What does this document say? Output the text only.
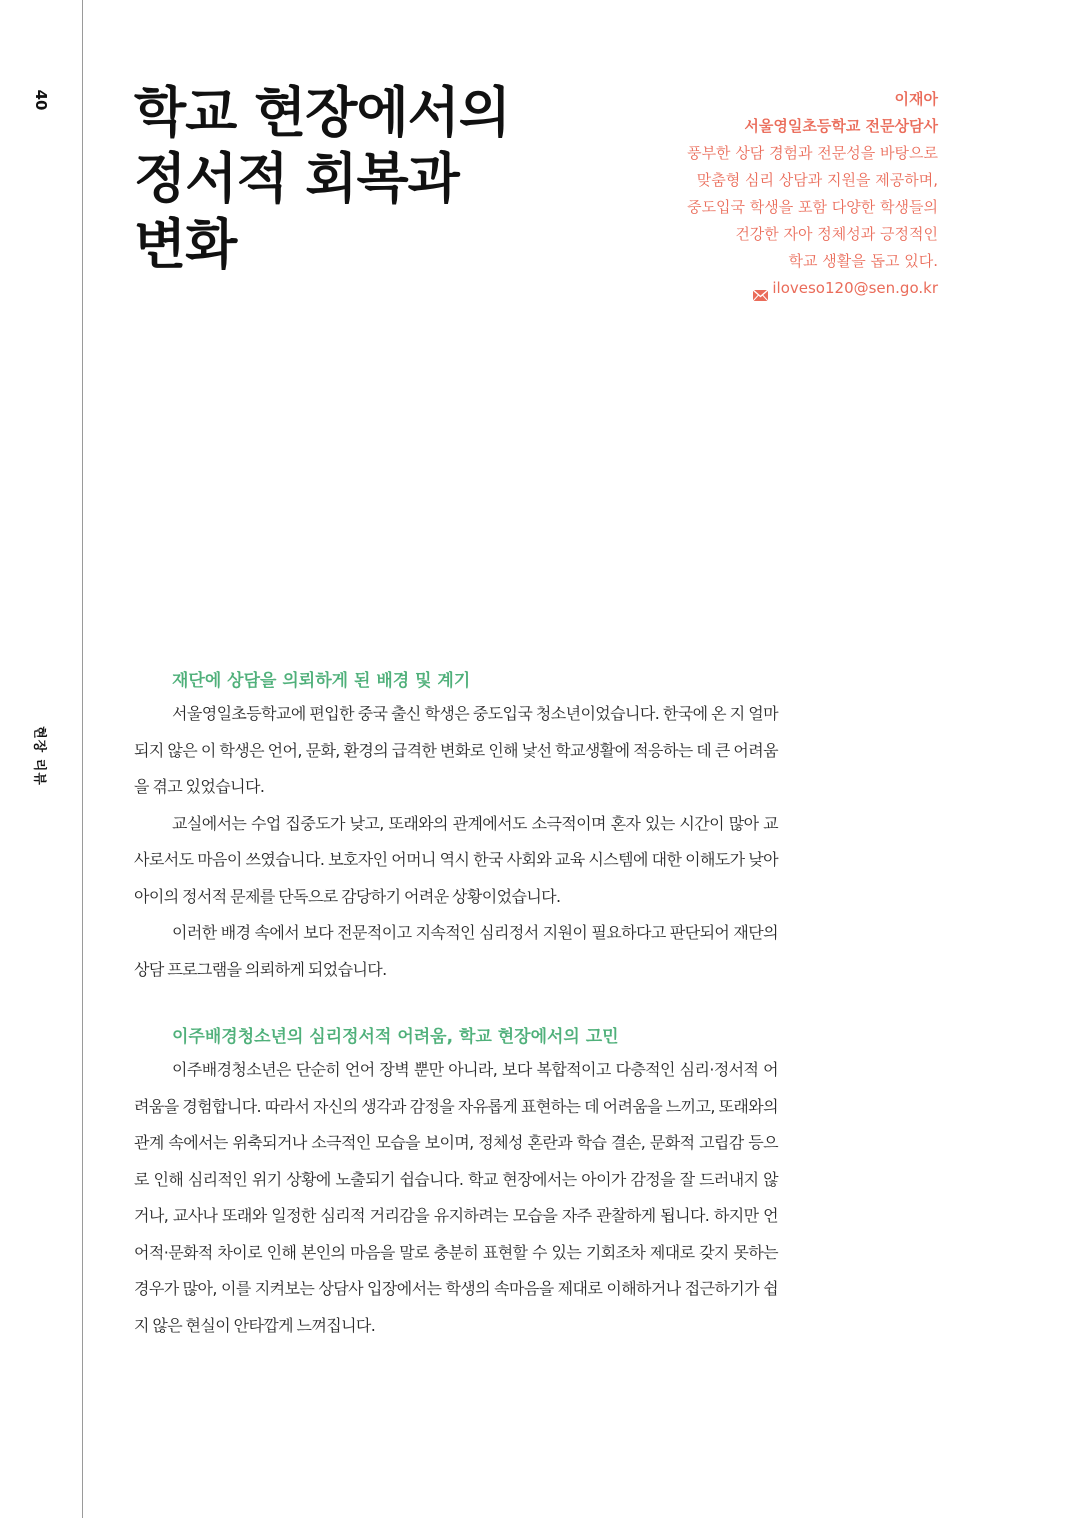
40
현장 리뷰
학교 현장에서의
정서적 회복과
변화
이재아
서울영일초등학교 전문상담사
풍부한 상담 경험과 전문성을 바탕으로
맞춤형 심리 상담과 지원을 제공하며,
중도입국 학생을 포함 다양한 학생들의
건강한 자아 정체성과 긍정적인
학교 생활을 돕고 있다.
iloveso120@sen.go.kr
재단에 상담을 의뢰하게 된 배경 및 계기

서울영일초등학교에 편입한 중국 출신 학생은 중도입국 청소년이었습니다. 한국에 온 지 얼마 되지 않은 이 학생은 언어, 문화, 환경의 급격한 변화로 인해 낯선 학교생활에 적응하는 데 큰 어려움을 겪고 있었습니다.

교실에서는 수업 집중도가 낮고, 또래와의 관계에서도 소극적이며 혼자 있는 시간이 많아 교사로서도 마음이 쓰였습니다. 보호자인 어머니 역시 한국 사회와 교육 시스템에 대한 이해도가 낮아 아이의 정서적 문제를 단독으로 감당하기 어려운 상황이었습니다.

이러한 배경 속에서 보다 전문적이고 지속적인 심리정서 지원이 필요하다고 판단되어 재단의 상담 프로그램을 의뢰하게 되었습니다.

이주배경청소년의 심리정서적 어려움, 학교 현장에서의 고민

이주배경청소년은 단순히 언어 장벽 뿐만 아니라, 보다 복합적이고 다층적인 심리·정서적 어려움을 경험합니다. 따라서 자신의 생각과 감정을 자유롭게 표현하는 데 어려움을 느끼고, 또래와의 관계 속에서는 위축되거나 소극적인 모습을 보이며, 정체성 혼란과 학습 결손, 문화적 고립감 등으로 인해 심리적인 위기 상황에 노출되기 쉽습니다. 학교 현장에서는 아이가 감정을 잘 드러내지 않거나, 교사나 또래와 일정한 심리적 거리감을 유지하려는 모습을 자주 관찰하게 됩니다. 하지만 언어적·문화적 차이로 인해 본인의 마음을 말로 충분히 표현할 수 있는 기회조차 제대로 갖지 못하는 경우가 많아, 이를 지켜보는 상담사 입장에서는 학생의 속마음을 제대로 이해하거나 접근하기가 쉽지 않은 현실이 안타깝게 느껴집니다.
